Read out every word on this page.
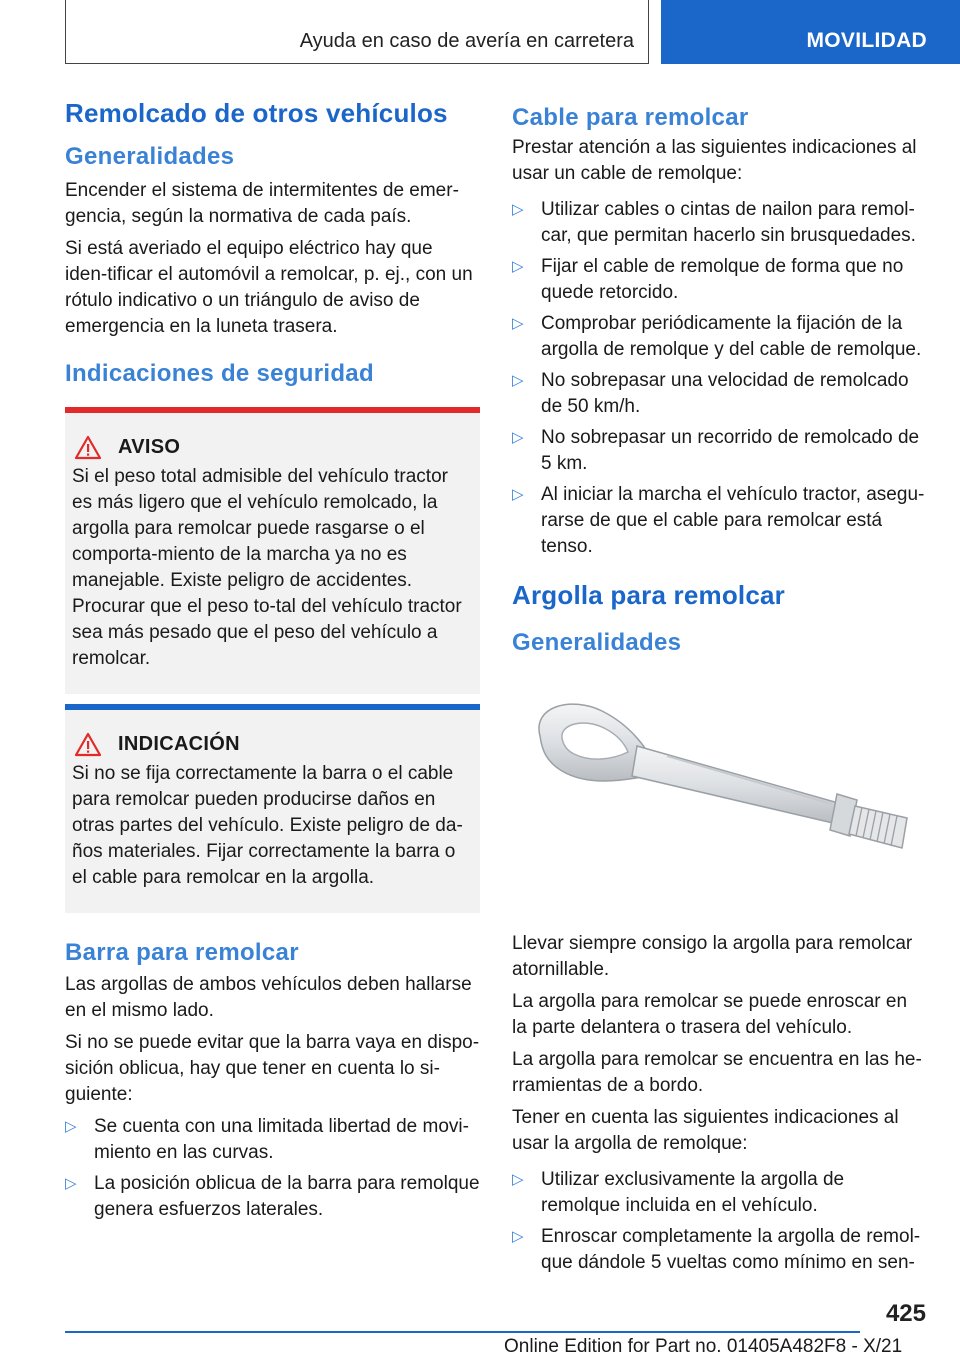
Ayuda en caso de avería en carretera	MOVILIDAD
Remolcado de otros vehículos
Generalidades

Encender el sistema de intermitentes de emer-gencia, según la normativa de cada país.

Si está averiado el equipo eléctrico hay que iden-tificar el automóvil a remolcar, p. ej., con un rótulo indicativo o un triángulo de aviso de emergencia en la luneta trasera.

Indicaciones de seguridad
AVISO

Si el peso total admisible del vehículo tractor es más ligero que el vehículo remolcado, la argolla para remolcar puede rasgarse o el comporta-miento de la marcha ya no es manejable. Existe peligro de accidentes. Procurar que el peso to-tal del vehículo tractor sea más pesado que el peso del vehículo a remolcar.

INDICACIÓN

Si no se fija correctamente la barra o el cable para remolcar pueden producirse daños en otras partes del vehículo. Existe peligro de da-ños materiales. Fijar correctamente la barra o el cable para remolcar en la argolla.

Barra para remolcar

Las argollas de ambos vehículos deben hallarse en el mismo lado.

Si no se puede evitar que la barra vaya en dispo-sición oblicua, hay que tener en cuenta lo si-guiente:

▷ Se cuenta con una limitada libertad de movi-miento en las curvas.
▷ La posición oblicua de la barra para remolque genera esfuerzos laterales.
Cable para remolcar

Prestar atención a las siguientes indicaciones al usar un cable de remolque:

▷ Utilizar cables o cintas de nailon para remol-car, que permitan hacerlo sin brusquedades.
▷ Fijar el cable de remolque de forma que no quede retorcido.
▷ Comprobar periódicamente la fijación de la argolla de remolque y del cable de remolque.
▷ No sobrepasar una velocidad de remolcado de 50 km/h.
▷ No sobrepasar un recorrido de remolcado de 5 km.
▷ Al iniciar la marcha el vehículo tractor, asegu-rarse de que el cable para remolcar está tenso.
Argolla para remolcar
Generalidades

Llevar siempre consigo la argolla para remolcar atornillable.

La argolla para remolcar se puede enroscar en la parte delantera o trasera del vehículo.

La argolla para remolcar se encuentra en las he-rramientas de a bordo.

Tener en cuenta las siguientes indicaciones al usar la argolla de remolque:

▷ Utilizar exclusivamente la argolla de remolque incluida en el vehículo.
▷ Enroscar completamente la argolla de remol-que dándole 5 vueltas como mínimo en sen-
425
Online Edition for Part no. 01405A482F8 - X/21
